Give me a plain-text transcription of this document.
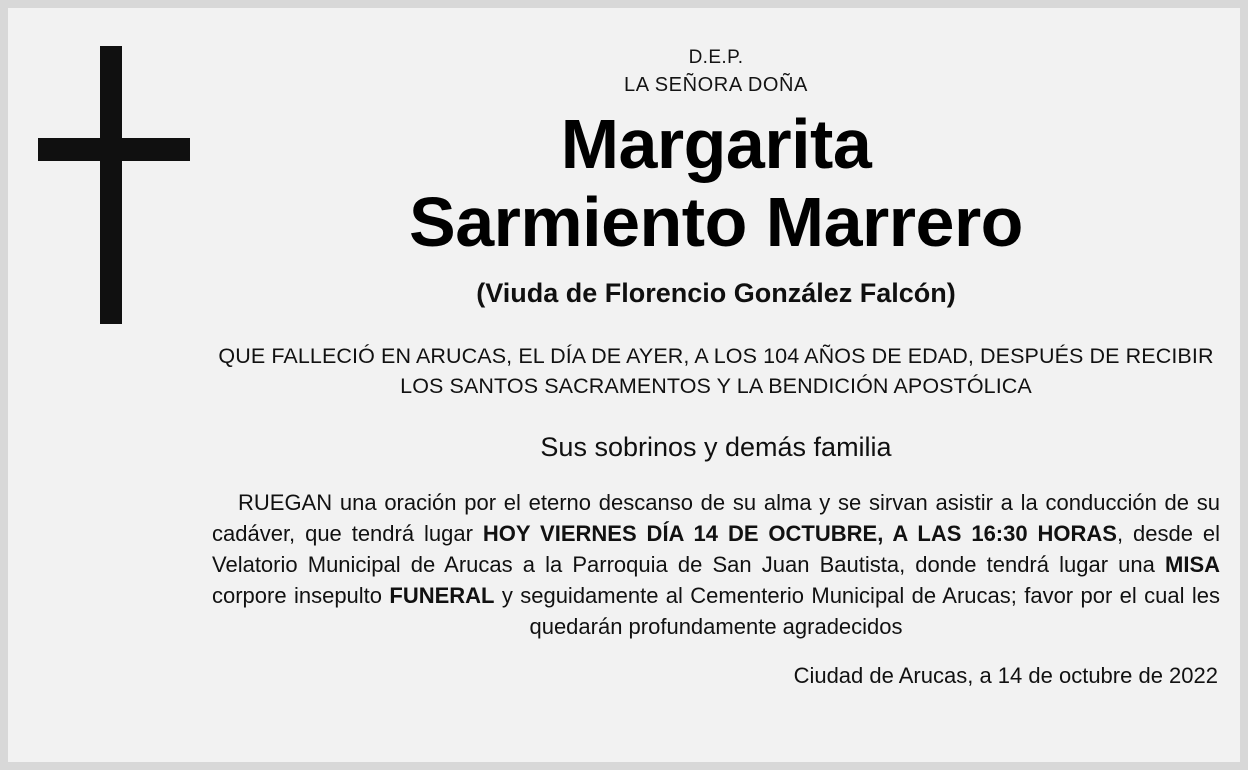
D.E.P.
LA SEÑORA DOÑA
Margarita
Sarmiento Marrero
(Viuda de Florencio González Falcón)
QUE FALLECIÓ EN ARUCAS, EL DÍA DE AYER, A LOS 104 AÑOS DE EDAD, DESPUÉS DE RECIBIR LOS SANTOS SACRAMENTOS Y LA BENDICIÓN APOSTÓLICA
Sus sobrinos y demás familia
RUEGAN una oración por el eterno descanso de su alma y se sirvan asistir a la conducción de su cadáver, que tendrá lugar HOY VIERNES DÍA 14 DE OCTUBRE, A LAS 16:30 HORAS, desde el Velatorio Municipal de Arucas a la Parroquia de San Juan Bautista, donde tendrá lugar una MISA corpore insepulto FUNERAL y seguidamente al Cementerio Municipal de Arucas; favor por el cual les quedarán profundamente agradecidos
Ciudad de Arucas, a 14 de octubre de 2022
